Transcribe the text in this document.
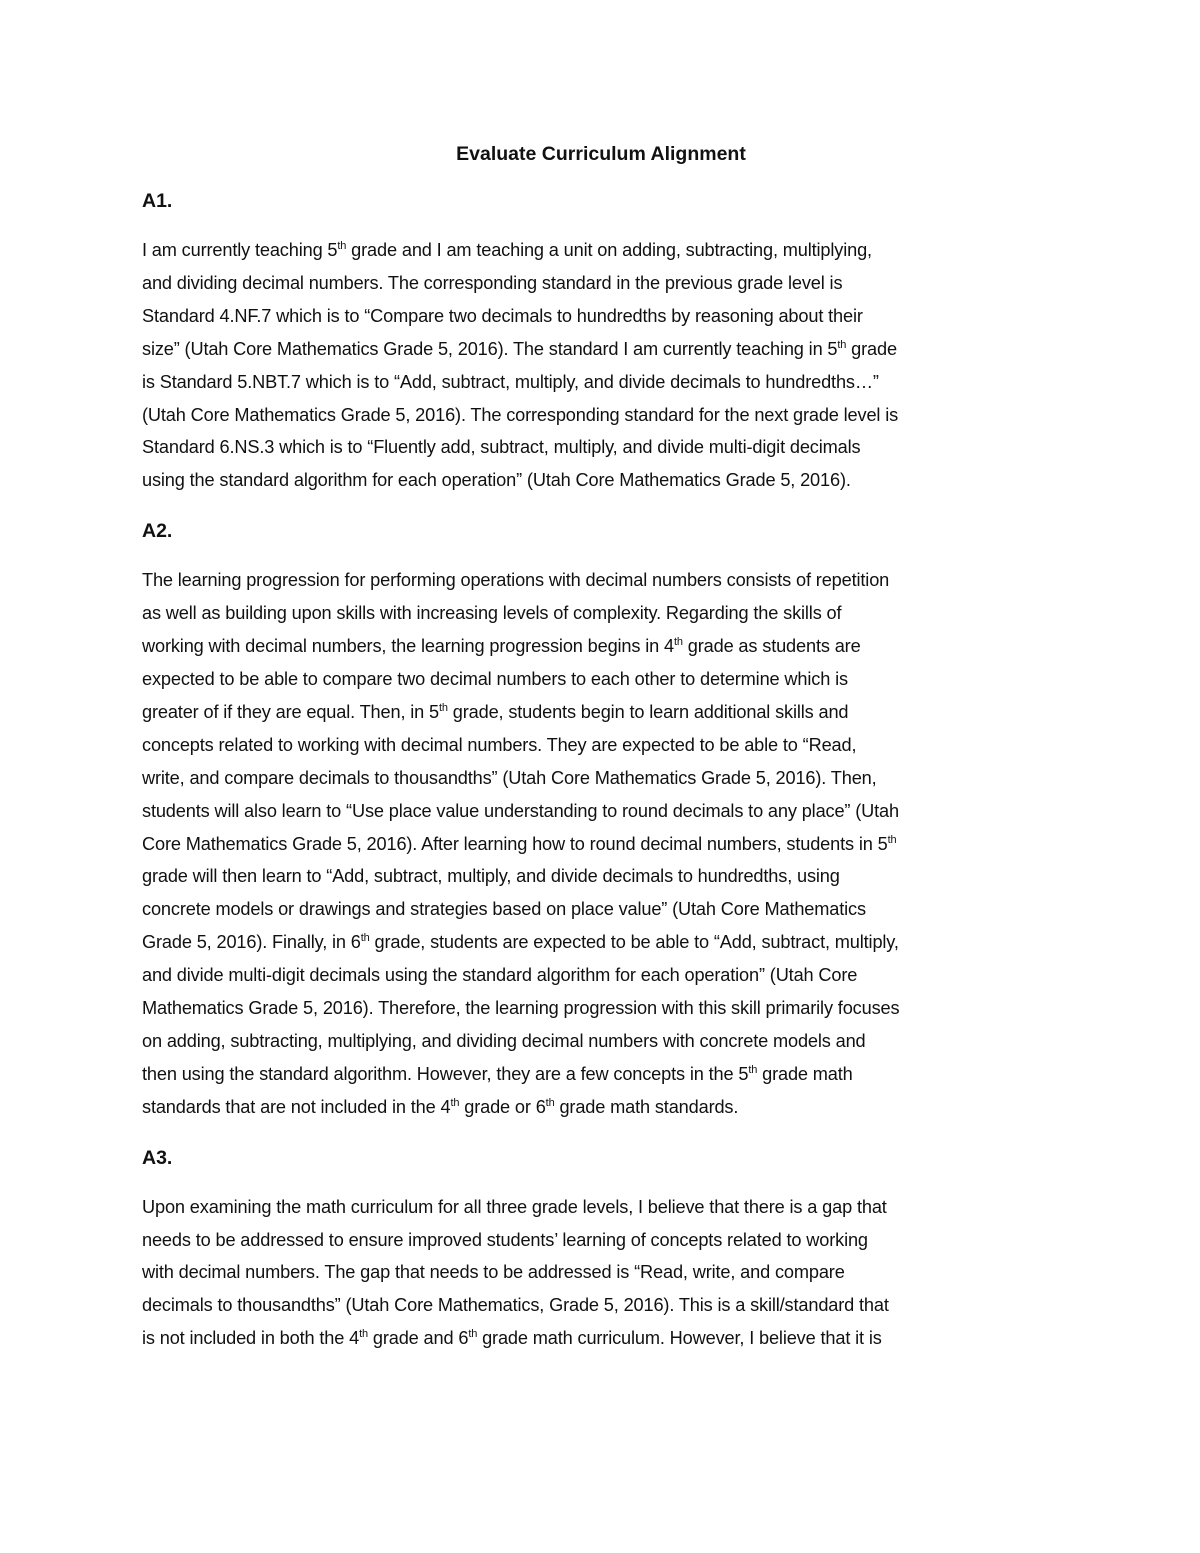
Evaluate Curriculum Alignment
A1.
I am currently teaching 5th grade and I am teaching a unit on adding, subtracting, multiplying,
and dividing decimal numbers. The corresponding standard in the previous grade level is
Standard 4.NF.7 which is to “Compare two decimals to hundredths by reasoning about their
size” (Utah Core Mathematics Grade 5, 2016). The standard I am currently teaching in 5th grade
is Standard 5.NBT.7 which is to “Add, subtract, multiply, and divide decimals to hundredths…”
(Utah Core Mathematics Grade 5, 2016). The corresponding standard for the next grade level is
Standard 6.NS.3 which is to “Fluently add, subtract, multiply, and divide multi-digit decimals
using the standard algorithm for each operation” (Utah Core Mathematics Grade 5, 2016).
A2.
The learning progression for performing operations with decimal numbers consists of repetition
as well as building upon skills with increasing levels of complexity. Regarding the skills of
working with decimal numbers, the learning progression begins in 4th grade as students are
expected to be able to compare two decimal numbers to each other to determine which is
greater of if they are equal. Then, in 5th grade, students begin to learn additional skills and
concepts related to working with decimal numbers. They are expected to be able to “Read,
write, and compare decimals to thousandths” (Utah Core Mathematics Grade 5, 2016). Then,
students will also learn to “Use place value understanding to round decimals to any place” (Utah
Core Mathematics Grade 5, 2016). After learning how to round decimal numbers, students in 5th
grade will then learn to “Add, subtract, multiply, and divide decimals to hundredths, using
concrete models or drawings and strategies based on place value” (Utah Core Mathematics
Grade 5, 2016). Finally, in 6th grade, students are expected to be able to “Add, subtract, multiply,
and divide multi-digit decimals using the standard algorithm for each operation” (Utah Core
Mathematics Grade 5, 2016). Therefore, the learning progression with this skill primarily focuses
on adding, subtracting, multiplying, and dividing decimal numbers with concrete models and
then using the standard algorithm. However, they are a few concepts in the 5th grade math
standards that are not included in the 4th grade or 6th grade math standards.
A3.
Upon examining the math curriculum for all three grade levels, I believe that there is a gap that
needs to be addressed to ensure improved students’ learning of concepts related to working
with decimal numbers. The gap that needs to be addressed is “Read, write, and compare
decimals to thousandths” (Utah Core Mathematics, Grade 5, 2016). This is a skill/standard that
is not included in both the 4th grade and 6th grade math curriculum. However, I believe that it is
